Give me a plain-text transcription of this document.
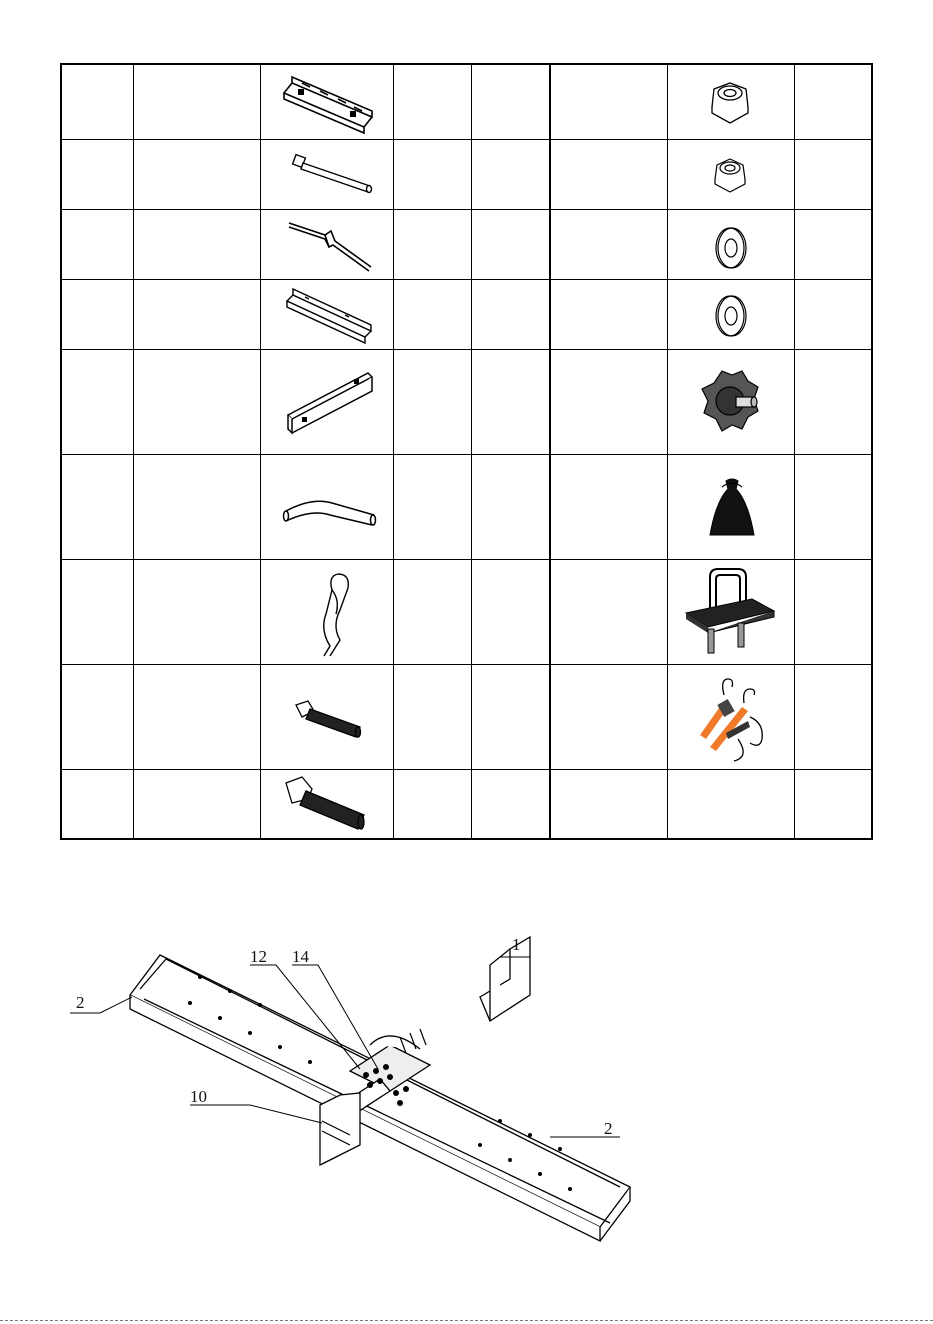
2
12 14
1
10
2
